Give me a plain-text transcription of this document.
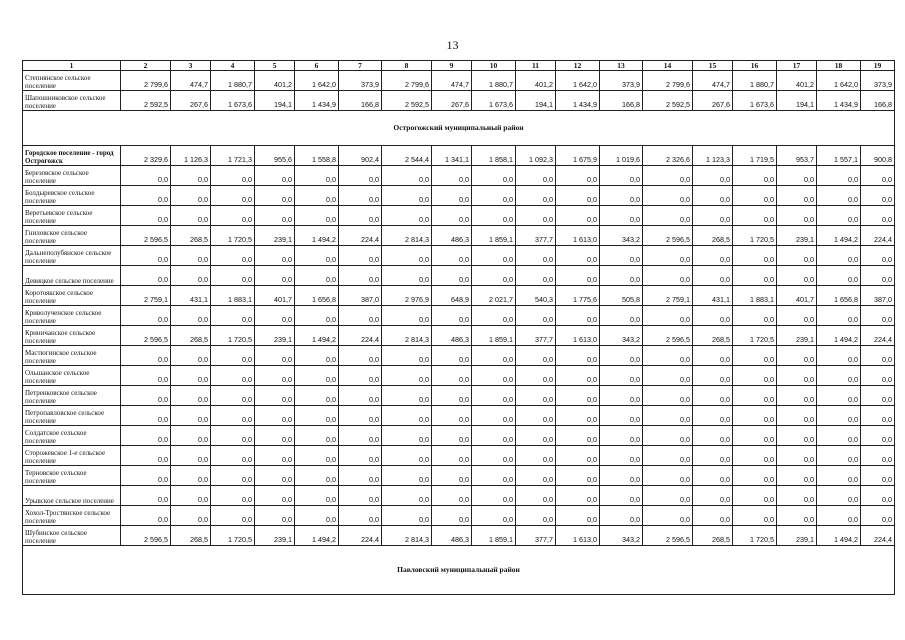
13
1	2	3	4	5	6	7	8	9	10	11	12	13	14	15	16	17	18	19
Степнянское сельское поселение	2 799,6	474,7	1 880,7	401,2	1 642,0	373,9	2 799,6	474,7	1 880,7	401,2	1 642,0	373,9	2 799,6	474,7	1 880,7	401,2	1 642,0	373,9
Шапошниковское сельское поселение	2 592,5	267,6	1 673,6	194,1	1 434,9	166,8	2 592,5	267,6	1 673,6	194,1	1 434,9	166,8	2 592,5	267,6	1 673,6	194,1	1 434,9	166,8
Острогожский муниципальный район																		
Городское поселение - город Острогожск	2 329,6	1 126,3	1 721,3	955,6	1 558,8	902,4	2 544,4	1 341,1	1 858,1	1 092,3	1 675,9	1 019,6	2 326,6	1 123,3	1 719,5	953,7	1 557,1	900,8
Березовское сельское поселение	0,0	0,0	0,0	0,0	0,0	0,0	0,0	0,0	0,0	0,0	0,0	0,0	0,0	0,0	0,0	0,0	0,0	0,0
Болдыревское сельское поселение	0,0	0,0	0,0	0,0	0,0	0,0	0,0	0,0	0,0	0,0	0,0	0,0	0,0	0,0	0,0	0,0	0,0	0,0
Веретьевское сельское поселение	0,0	0,0	0,0	0,0	0,0	0,0	0,0	0,0	0,0	0,0	0,0	0,0	0,0	0,0	0,0	0,0	0,0	0,0
Гниловское сельское поселение	2 596,5	268,5	1 720,5	239,1	1 494,2	224,4	2 814,3	486,3	1 859,1	377,7	1 613,0	343,2	2 596,5	268,5	1 720,5	239,1	1 494,2	224,4
Дальнеполубянское сельское поселение	0,0	0,0	0,0	0,0	0,0	0,0	0,0	0,0	0,0	0,0	0,0	0,0	0,0	0,0	0,0	0,0	0,0	0,0
Девицкое сельское поселение	0,0	0,0	0,0	0,0	0,0	0,0	0,0	0,0	0,0	0,0	0,0	0,0	0,0	0,0	0,0	0,0	0,0	0,0
Коротоякское сельское поселение	2 759,1	431,1	1 883,1	401,7	1 656,8	387,0	2 976,9	648,9	2 021,7	540,3	1 775,6	505,8	2 759,1	431,1	1 883,1	401,7	1 656,8	387,0
Криволученское сельское поселение	0,0	0,0	0,0	0,0	0,0	0,0	0,0	0,0	0,0	0,0	0,0	0,0	0,0	0,0	0,0	0,0	0,0	0,0
Криничанское сельское поселение	2 596,5	268,5	1 720,5	239,1	1 494,2	224,4	2 814,3	486,3	1 859,1	377,7	1 613,0	343,2	2 596,5	268,5	1 720,5	239,1	1 494,2	224,4
Мастюгинское сельское поселение	0,0	0,0	0,0	0,0	0,0	0,0	0,0	0,0	0,0	0,0	0,0	0,0	0,0	0,0	0,0	0,0	0,0	0,0
Ольшанское сельское поселение	0,0	0,0	0,0	0,0	0,0	0,0	0,0	0,0	0,0	0,0	0,0	0,0	0,0	0,0	0,0	0,0	0,0	0,0
Петренковское сельское поселение	0,0	0,0	0,0	0,0	0,0	0,0	0,0	0,0	0,0	0,0	0,0	0,0	0,0	0,0	0,0	0,0	0,0	0,0
Петропавловское сельское поселение	0,0	0,0	0,0	0,0	0,0	0,0	0,0	0,0	0,0	0,0	0,0	0,0	0,0	0,0	0,0	0,0	0,0	0,0
Солдатское сельское поселение	0,0	0,0	0,0	0,0	0,0	0,0	0,0	0,0	0,0	0,0	0,0	0,0	0,0	0,0	0,0	0,0	0,0	0,0
Сторожевское 1-е сельское поселение	0,0	0,0	0,0	0,0	0,0	0,0	0,0	0,0	0,0	0,0	0,0	0,0	0,0	0,0	0,0	0,0	0,0	0,0
Терновское сельское поселение	0,0	0,0	0,0	0,0	0,0	0,0	0,0	0,0	0,0	0,0	0,0	0,0	0,0	0,0	0,0	0,0	0,0	0,0
Урывское сельское поселение	0,0	0,0	0,0	0,0	0,0	0,0	0,0	0,0	0,0	0,0	0,0	0,0	0,0	0,0	0,0	0,0	0,0	0,0
Хохол-Тростянское сельское поселение	0,0	0,0	0,0	0,0	0,0	0,0	0,0	0,0	0,0	0,0	0,0	0,0	0,0	0,0	0,0	0,0	0,0	0,0
Шубинское сельское поселение	2 596,5	268,5	1 720,5	239,1	1 494,2	224,4	2 814,3	486,3	1 859,1	377,7	1 613,0	343,2	2 596,5	268,5	1 720,5	239,1	1 494,2	224,4
Павловский муниципальный район																		
